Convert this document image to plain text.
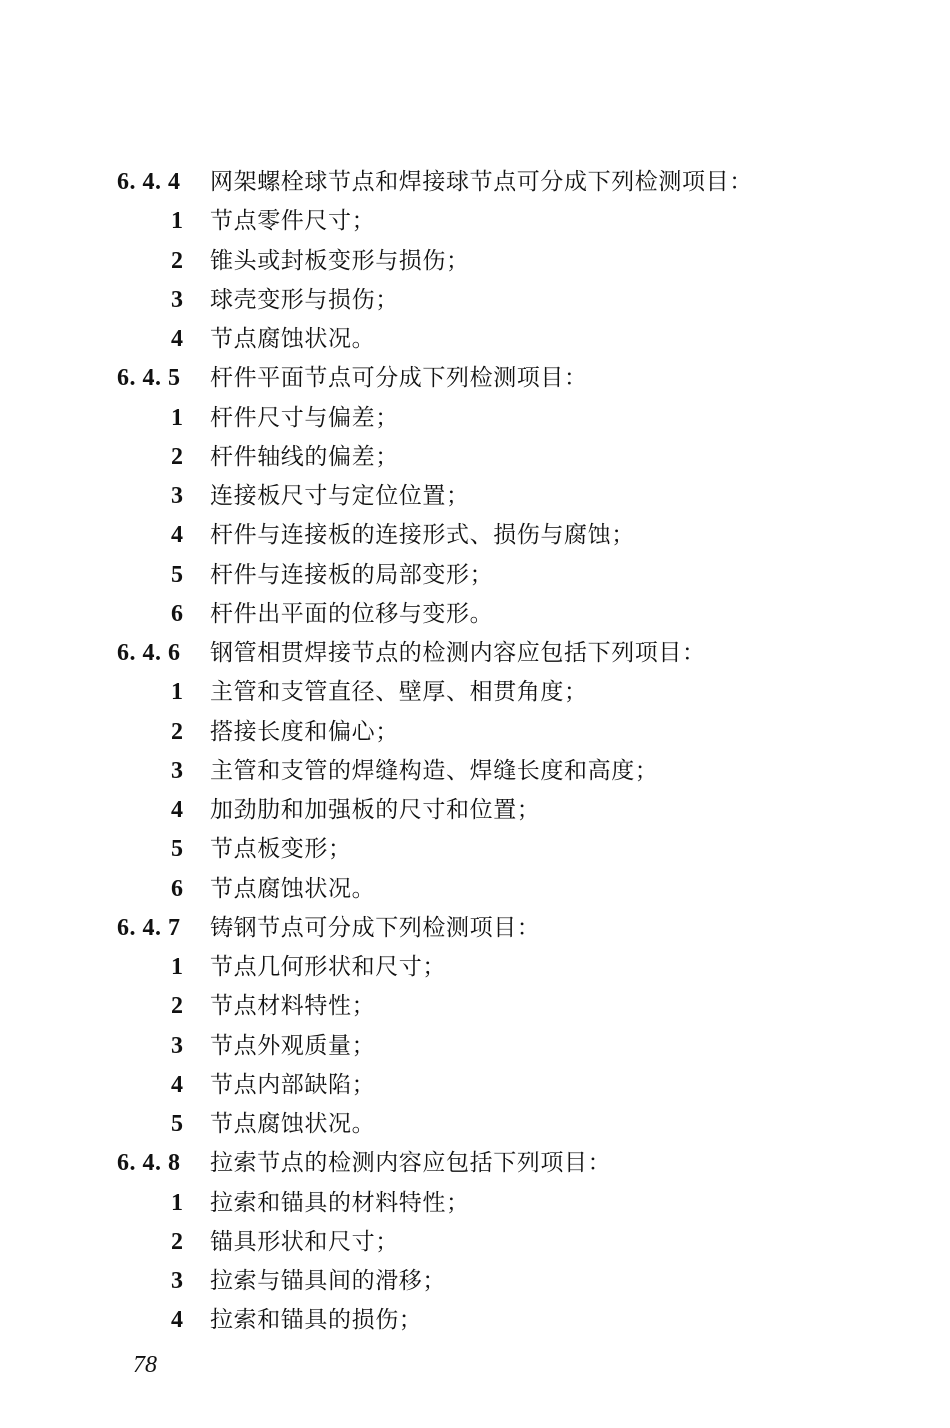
6. 4. 4 网架螺栓球节点和焊接球节点可分成下列检测项目：
1 节点零件尺寸；
2 锥头或封板变形与损伤；
3 球壳变形与损伤；
4 节点腐蚀状况。
6. 4. 5 杆件平面节点可分成下列检测项目：
1 杆件尺寸与偏差；
2 杆件轴线的偏差；
3 连接板尺寸与定位位置；
4 杆件与连接板的连接形式、损伤与腐蚀；
5 杆件与连接板的局部变形；
6 杆件出平面的位移与变形。
6. 4. 6 钢管相贯焊接节点的检测内容应包括下列项目：
1 主管和支管直径、壁厚、相贯角度；
2 搭接长度和偏心；
3 主管和支管的焊缝构造、焊缝长度和高度；
4 加劲肋和加强板的尺寸和位置；
5 节点板变形；
6 节点腐蚀状况。
6. 4. 7 铸钢节点可分成下列检测项目：
1 节点几何形状和尺寸；
2 节点材料特性；
3 节点外观质量；
4 节点内部缺陷；
5 节点腐蚀状况。
6. 4. 8 拉索节点的检测内容应包括下列项目：
1 拉索和锚具的材料特性；
2 锚具形状和尺寸；
3 拉索与锚具间的滑移；
4 拉索和锚具的损伤；
78
